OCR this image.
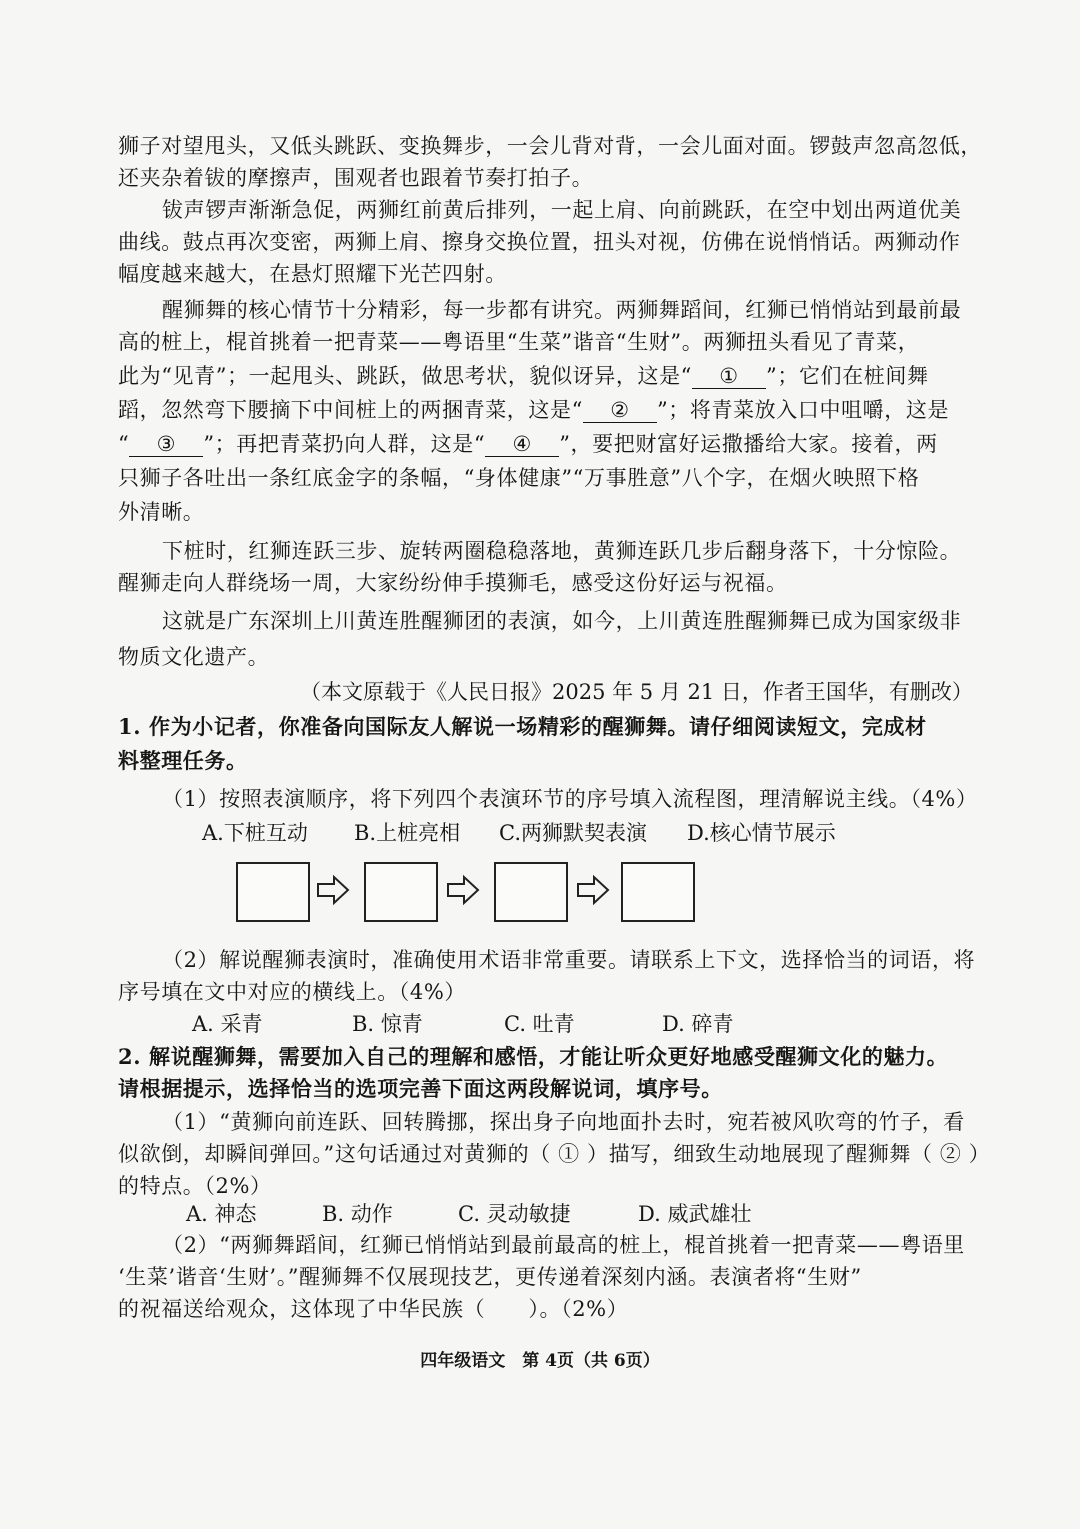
狮子对望甩头，又低头跳跃、变换舞步，一会儿背对背，一会儿面对面。锣鼓声忽高忽低，
还夹杂着钹的摩擦声，围观者也跟着节奏打拍子。
钹声锣声渐渐急促，两狮红前黄后排列，一起上肩、向前跳跃，在空中划出两道优美
曲线。鼓点再次变密，两狮上肩、擦身交换位置，扭头对视，仿佛在说悄悄话。两狮动作
幅度越来越大，在悬灯照耀下光芒四射。
醒狮舞的核心情节十分精彩，每一步都有讲究。两狮舞蹈间，红狮已悄悄站到最前最
高的桩上，棍首挑着一把青菜——粤语里“生菜”谐音“生财”。两狮扭头看见了青菜，
此为“见青”；一起甩头、跳跃，做思考状，貌似讶异，这是“ ① ”；它们在桩间舞
蹈，忽然弯下腰摘下中间桩上的两捆青菜，这是“ ② ”；将青菜放入口中咀嚼，这是
“ ③ ”；再把青菜扔向人群，这是“ ④ ”，要把财富好运撒播给大家。接着，两
只狮子各吐出一条红底金字的条幅，“身体健康”“万事胜意”八个字，在烟火映照下格
外清晰。
下桩时，红狮连跃三步、旋转两圈稳稳落地，黄狮连跃几步后翻身落下，十分惊险。
醒狮走向人群绕场一周，大家纷纷伸手摸狮毛，感受这份好运与祝福。
这就是广东深圳上川黄连胜醒狮团的表演，如今，上川黄连胜醒狮舞已成为国家级非
物质文化遗产。
（本文原载于《人民日报》2025 年 5 月 21 日，作者王国华，有删改）
1. 作为小记者，你准备向国际友人解说一场精彩的醒狮舞。请仔细阅读短文，完成材
料整理任务。
（1）按照表演顺序，将下列四个表演环节的序号填入流程图，理清解说主线。（4%）
A.下桩互动 B.上桩亮相 C.两狮默契表演 D.核心情节展示
（2）解说醒狮表演时，准确使用术语非常重要。请联系上下文，选择恰当的词语，将
序号填在文中对应的横线上。（4%）
A. 采青	B. 惊青	C. 吐青	D. 碎青
2. 解说醒狮舞，需要加入自己的理解和感悟，才能让听众更好地感受醒狮文化的魅力。
请根据提示，选择恰当的选项完善下面这两段解说词，填序号。
（1）“黄狮向前连跃、回转腾挪，探出身子向地面扑去时，宛若被风吹弯的竹子，看
似欲倒，却瞬间弹回。”这句话通过对黄狮的（ ① ）描写，细致生动地展现了醒狮舞（ ② ）
的特点。（2%）
A. 神态	B. 动作	C. 灵动敏捷	D. 威武雄壮
（2）“两狮舞蹈间，红狮已悄悄站到最前最高的桩上，棍首挑着一把青菜——粤语里
‘生菜’谐音‘生财’。”醒狮舞不仅展现技艺，更传递着深刻内涵。表演者将“生财”
的祝福送给观众，这体现了中华民族（　　）。（2%）
四年级语文　第 4页（共 6页）
